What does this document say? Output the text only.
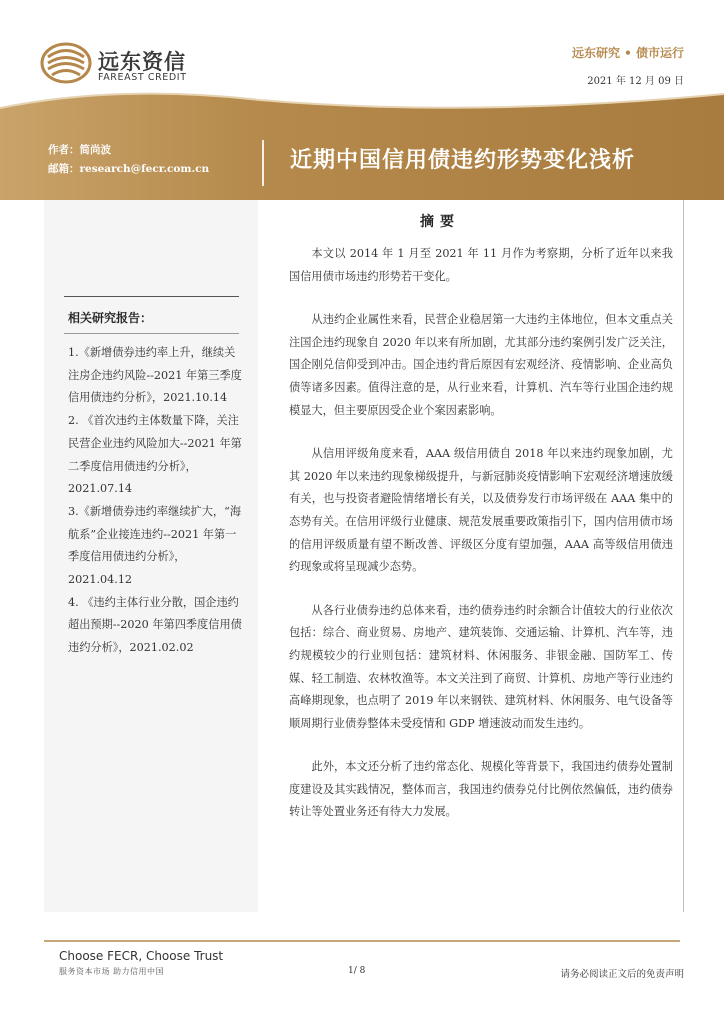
远东资信
FAREAST CREDIT
远东研究 • 债市运行
2021 年 12 月 09 日
作者：简尚波
邮箱：research@fecr.com.cn	近期中国信用债违约形势变化浅析
相关研究报告：

1.《新增债券违约率上升，继续关注房企违约风险--2021 年第三季度信用债违约分析》，2021.10.14

2. 《首次违约主体数量下降，关注民营企业违约风险加大--2021 年第二季度信用债违约分析》，2021.07.14

3.《新增债券违约率继续扩大，“海航系”企业接连违约--2021 年第一季度信用债违约分析》，2021.04.12

4. 《违约主体行业分散，国企违约超出预期--2020 年第四季度信用债违约分析》，2021.02.02

摘要

本文以 2014 年 1 月至 2021 年 11 月作为考察期，分析了近年以来我国信用债市场违约形势若干变化。

从违约企业属性来看，民营企业稳居第一大违约主体地位，但本文重点关注国企违约现象自 2020 年以来有所加剧，尤其部分违约案例引发广泛关注，国企刚兑信仰受到冲击。国企违约背后原因有宏观经济、疫情影响、企业高负债等诸多因素。值得注意的是，从行业来看，计算机、汽车等行业国企违约规模显大，但主要原因受企业个案因素影响。

从信用评级角度来看，AAA 级信用债自 2018 年以来违约现象加剧，尤其 2020 年以来违约现象梯级提升，与新冠肺炎疫情影响下宏观经济增速放缓有关，也与投资者避险情绪增长有关，以及债券发行市场评级在 AAA 集中的态势有关。在信用评级行业健康、规范发展重要政策指引下，国内信用债市场的信用评级质量有望不断改善、评级区分度有望加强，AAA 高等级信用债违约现象或将呈现减少态势。

从各行业债券违约总体来看，违约债券违约时余额合计值较大的行业依次包括：综合、商业贸易、房地产、建筑装饰、交通运输、计算机、汽车等，违约规模较少的行业则包括：建筑材料、休闲服务、非银金融、国防军工、传媒、轻工制造、农林牧渔等。本文关注到了商贸、计算机、房地产等行业违约高峰期现象，也点明了 2019 年以来钢铁、建筑材料、休闲服务、电气设备等顺周期行业债券整体未受疫情和 GDP 增速波动而发生违约。

此外，本文还分析了违约常态化、规模化等背景下，我国违约债券处置制度建设及其实践情况，整体而言，我国违约债券兑付比例依然偏低，违约债券转让等处置业务还有待大力发展。

Choose FECR, Choose Trust
服务资本市场 助力信用中国	1/ 8	请务必阅读正文后的免责声明
